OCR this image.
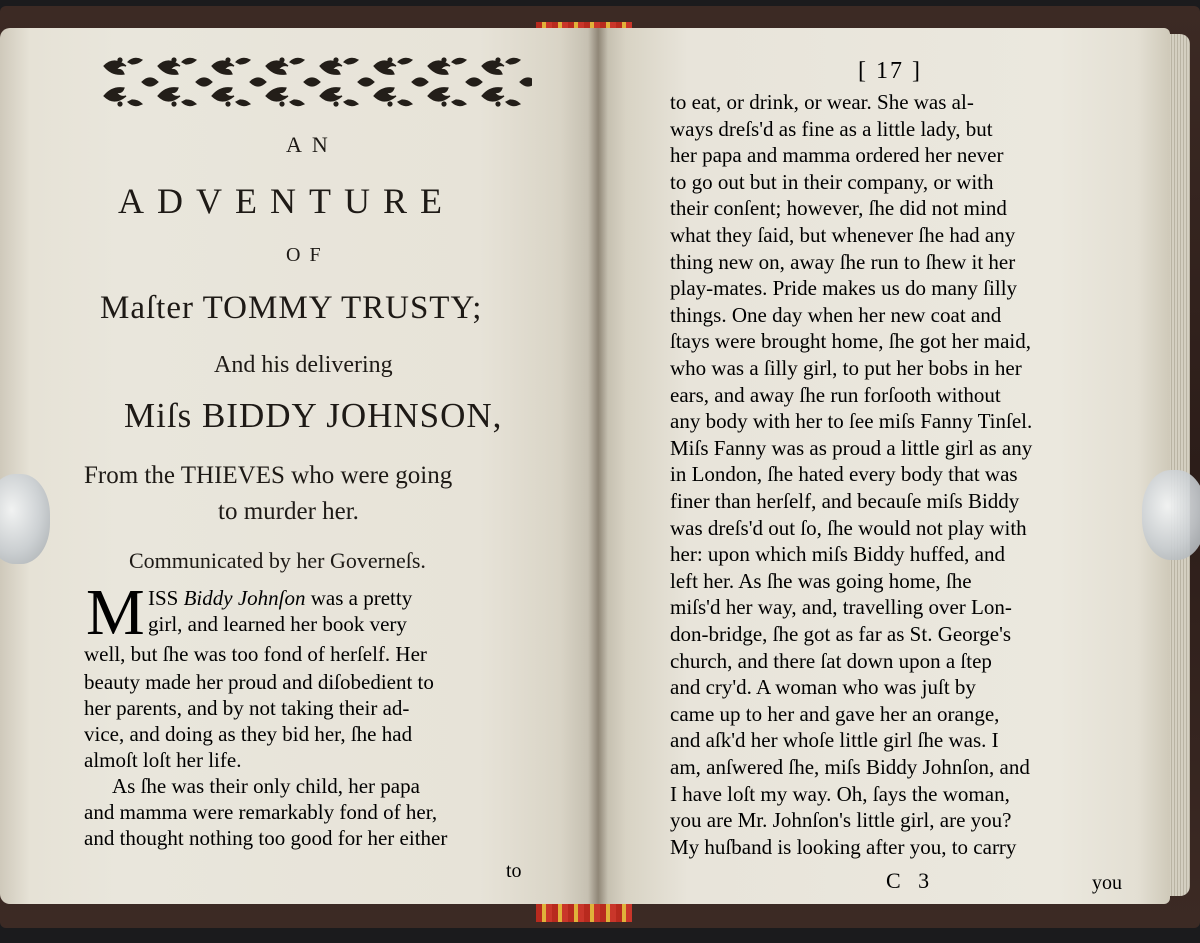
AN
ADVENTURE
OF
Maſter TOMMY TRUSTY;
And his delivering
Miſs BIDDY JOHNSON,
From the THIEVES who were going
to murder her.
Communicated by her Governeſs.
M ISS Biddy Johnſon was a pretty
girl, and learned her book very
well, but ſhe was too fond of herſelf. Her
beauty made her proud and diſobedient to
her parents, and by not taking their ad-
vice, and doing as they bid her, ſhe had
almoſt loſt her life.
As ſhe was their only child, her papa
and mamma were remarkably fond of her,
and thought nothing too good for her either
to
[ 17 ]
to eat, or drink, or wear. She was al-
ways dreſs'd as fine as a little lady, but
her papa and mamma ordered her never
to go out but in their company, or with
their conſent; however, ſhe did not mind
what they ſaid, but whenever ſhe had any
thing new on, away ſhe run to ſhew it her
play-mates. Pride makes us do many ſilly
things. One day when her new coat and
ſtays were brought home, ſhe got her maid,
who was a ſilly girl, to put her bobs in her
ears, and away ſhe run forſooth without
any body with her to ſee miſs Fanny Tinſel.
Miſs Fanny was as proud a little girl as any
in London, ſhe hated every body that was
finer than herſelf, and becauſe miſs Biddy
was dreſs'd out ſo, ſhe would not play with
her: upon which miſs Biddy huffed, and
left her. As ſhe was going home, ſhe
miſs'd her way, and, travelling over Lon-
don-bridge, ſhe got as far as St. George's
church, and there ſat down upon a ſtep
and cry'd. A woman who was juſt by
came up to her and gave her an orange,
and aſk'd her whoſe little girl ſhe was. I
am, anſwered ſhe, miſs Biddy Johnſon, and
I have loſt my way. Oh, ſays the woman,
you are Mr. Johnſon's little girl, are you?
My huſband is looking after you, to carry
C 3	you
